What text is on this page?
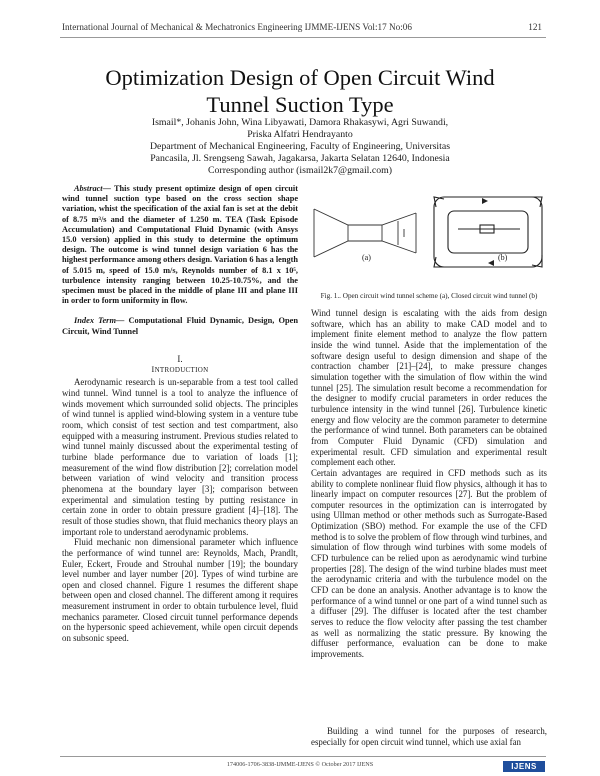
International Journal of Mechanical & Mechatronics Engineering IJMME-IJENS Vol:17 No:06	121
Optimization Design of Open Circuit Wind
Tunnel Suction Type
Ismail*, Johanis John, Wina Libyawati, Damora Rhakasywi, Agri Suwandi,
Priska Alfatri Hendrayanto
Department of Mechanical Engineering, Faculty of Engineering, Universitas
Pancasila, Jl. Srengseng Sawah, Jagakarsa, Jakarta Selatan 12640, Indonesia
Corresponding author (ismail2k7@gmail.com)

Abstract— This study present optimize design of open circuit wind tunnel suction type based on the cross section shape variation, whist the specification of the axial fan is set at the debit of 8.75 m³/s and the diameter of 1.250 m. TEA (Task Episode Accumulation) and Computational Fluid Dynamic (with Ansys 15.0 version) applied in this study to determine the optimum design. The outcome is wind tunnel design variation 6 has the highest performance among others design. Variation 6 has a length of 5.015 m, speed of 15.0 m/s, Reynolds number of 8.1 x 10⁵, turbulence intensity ranging between 10.25-10.75%, and the specimen must be placed in the middle of plane III and plane III in order to form uniformity in flow.

Index Term— Computational Fluid Dynamic, Design, Open Circuit, Wind Tunnel

I.
INTRODUCTION

Aerodynamic research is un-separable from a test tool called wind tunnel. Wind tunnel is a tool to analyze the influence of winds movement which surrounded solid objects. The principles of wind tunnel is applied wind-blowing system in a venture tube room, which consist of test section and test compartment, also equipped with a measuring instrument. Previous studies related to wind tunnel mainly discussed about the experimental testing of turbine blade performance due to variation of loads [1]; measurement of the wind flow distribution [2]; correlation model between variation of wind velocity and transition process phenomena at the boundary layer [3]; comparison between experimental and simulation testing by putting resistance in certain zone in order to obtain pressure gradient [4]–[18]. The result of those studies shown, that fluid mechanics theory plays an important role to understand aerodynamic problems.

Fluid mechanic non dimensional parameter which influence the performance of wind tunnel are: Reynolds, Mach, Prandlt, Euler, Eckert, Froude and Strouhal number [19]; the boundary level number and layer number [20]. Types of wind turbine are open and closed channel. Figure 1 resumes the different shape between open and closed channel. The different among it requires measurement instrument in order to obtain turbulence level, fluid mechanics parameter. Closed circuit tunnel performance depends on the hypersonic speed achievement, while open circuit depends on subsonic speed.

(a)	(b)
Fig. 1.. Open circuit wind tunnel scheme (a), Closed circuit wind tunnel (b)

Wind tunnel design is escalating with the aids from design software, which has an ability to make CAD model and to implement finite element method to analyze the flow pattern inside the wind tunnel. Aside that the implementation of the software design useful to design dimension and shape of the contraction chamber [21]–[24], to make pressure changes simulation together with the simulation of flow within the wind tunnel [25]. The simulation result become a recommendation for the designer to modify crucial parameters in order reduces the turbulence intensity in the wind tunnel [26]. Turbulence kinetic energy and flow velocity are the common parameter to determine the performance of wind tunnel. Both parameters can be obtained from Computer Fluid Dynamic (CFD) simulation and experimental result. CFD simulation and experimental result complement each other.

Certain advantages are required in CFD methods such as its ability to complete nonlinear fluid flow physics, although it has to linearly impact on computer resources [27]. But the problem of computer resources in the optimization can is interrogated by using Ullman method or other methods such as Surrogate-Based Optimization (SBO) method. For example the use of the CFD method is to solve the problem of flow through wind turbines, and simulation of flow through wind turbines with some models of CFD turbulence can be relied upon as aerodynamic wind turbine properties [28]. The design of the wind turbine blades must meet the aerodynamic criteria and with the turbulence model on the CFD can be done an analysis. Another advantage is to know the performance of a wind tunnel or one part of a wind tunnel such as a diffuser [29]. The diffuser is located after the test chamber serves to reduce the flow velocity after passing the test chamber as well as normalizing the static pressure. By knowing the diffuser performance, evaluation can be done to make improvements.

Building a wind tunnel for the purposes of research, especially for open circuit wind tunnel, which use axial fan

174006-1706-3838-IJMME-IJENS © October 2017 IJENS	IJENS
